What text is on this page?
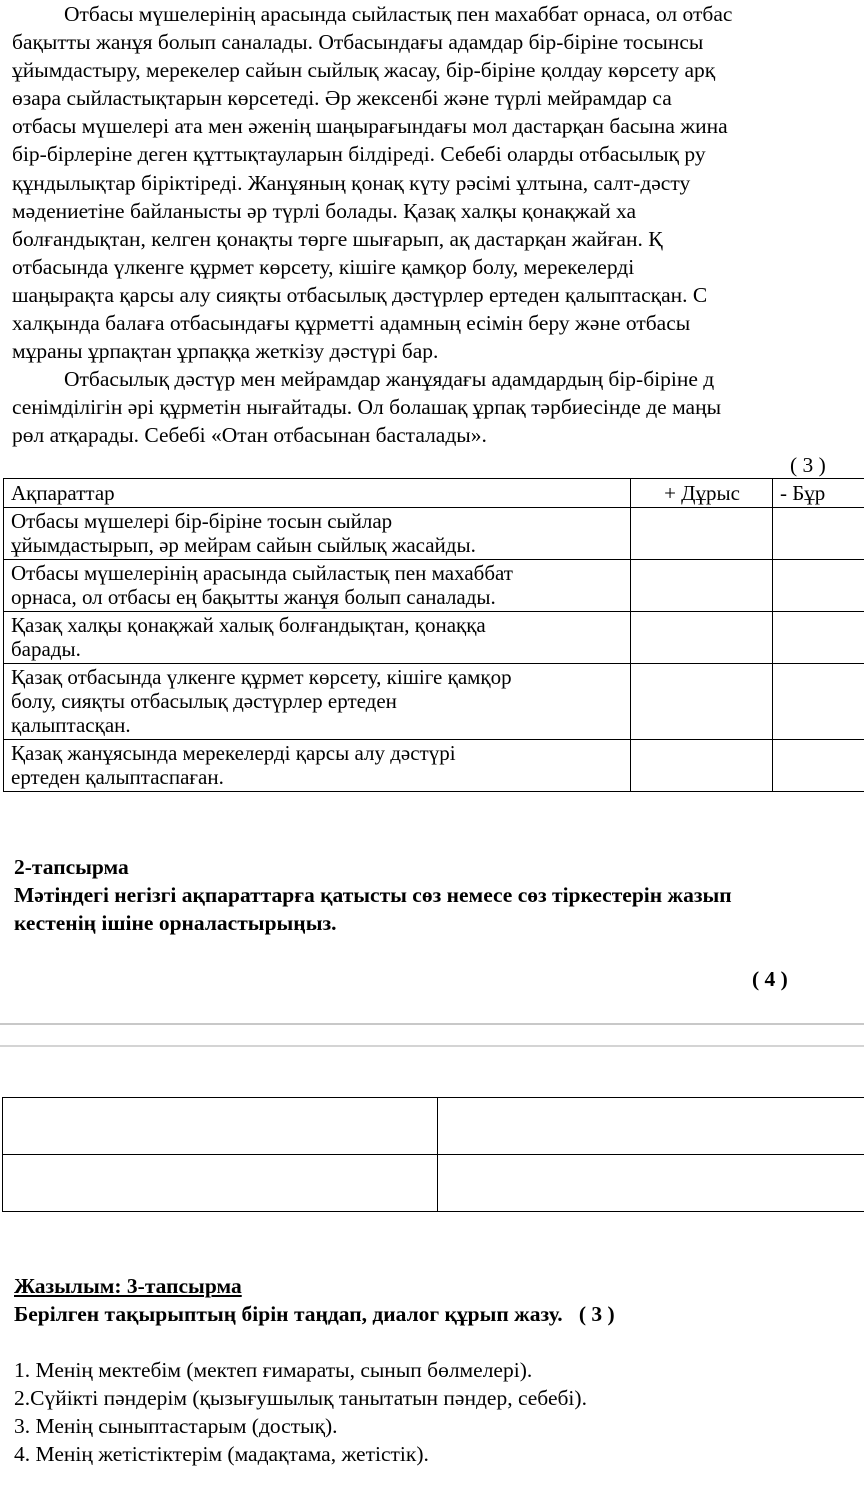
Отбасы мүшелерінің арасында сыйластық пен махаббат орнаса, ол отбас
бақытты жанұя болып саналады. Отбасындағы адамдар бір-біріне тосынсы
ұйымдастыру, мерекелер сайын сыйлық жасау, бір-біріне қолдау көрсету арқ
өзара сыйластықтарын көрсетеді. Әр жексенбі және түрлі мейрамдар са
отбасы мүшелері ата мен әженің шаңырағындағы мол дастарқан басына жина
бір-бірлеріне деген құттықтауларын білдіреді. Себебі оларды отбасылық ру
құндылықтар біріктіреді. Жанұяның қонақ күту рәсімі ұлтына, салт-дәсту
мәдениетіне байланысты әр түрлі болады. Қазақ халқы қонақжай ха
болғандықтан, келген қонақты төрге шығарып, ақ дастарқан жайған. Қ
отбасында үлкенге құрмет көрсету, кішіге қамқор болу, мерекелерді
шаңырақта қарсы алу сияқты отбасылық дәстүрлер ертеден қалыптасқан. С
халқында балаға отбасындағы құрметті адамның есімін беру және отбасы
мұраны ұрпақтан ұрпаққа жеткізу дәстүрі бар.
Отбасылық дәстүр мен мейрамдар жанұядағы адамдардың бір-біріне д
сенімділігін әрі құрметін нығайтады. Ол болашақ ұрпақ тәрбиесінде де маңы
рөл атқарады. Себебі «Отан отбасынан басталады».
( 3 )
Ақпараттар	+ Дұрыс	- Бұр

Отбасы мүшелері бір-біріне тосын сыйлар
ұйымдастырып, әр мейрам сайын сыйлық жасайды.		

Отбасы мүшелерінің арасында сыйластық пен махаббат
орнаса, ол отбасы ең бақытты жанұя болып саналады.		

Қазақ халқы қонақжай халық болғандықтан, қонаққа
барады.		

Қазақ отбасында үлкенге құрмет көрсету, кішіге қамқор
болу, сияқты отбасылық дәстүрлер ертеден
қалыптасқан.		

Қазақ жанұясында мерекелерді қарсы алу дәстүрі
ертеден қалыптаспаған.		

2-тапсырма
Мәтіндегі негізгі ақпараттарға қатысты сөз немесе сөз тіркестерін жазып
кестенің ішіне орналастырыңыз.
( 4 )

Жазылым: 3-тапсырма
Берілген тақырыптың бірін таңдап, диалог құрып жазу. ( 3 )
1. Менің мектебім (мектеп ғимараты, сынып бөлмелері).
2.Сүйікті пәндерім (қызығушылық танытатын пәндер, себебі).
3. Менің сыныптастарым (достық).
4. Менің жетістіктерім (мадақтама, жетістік).
